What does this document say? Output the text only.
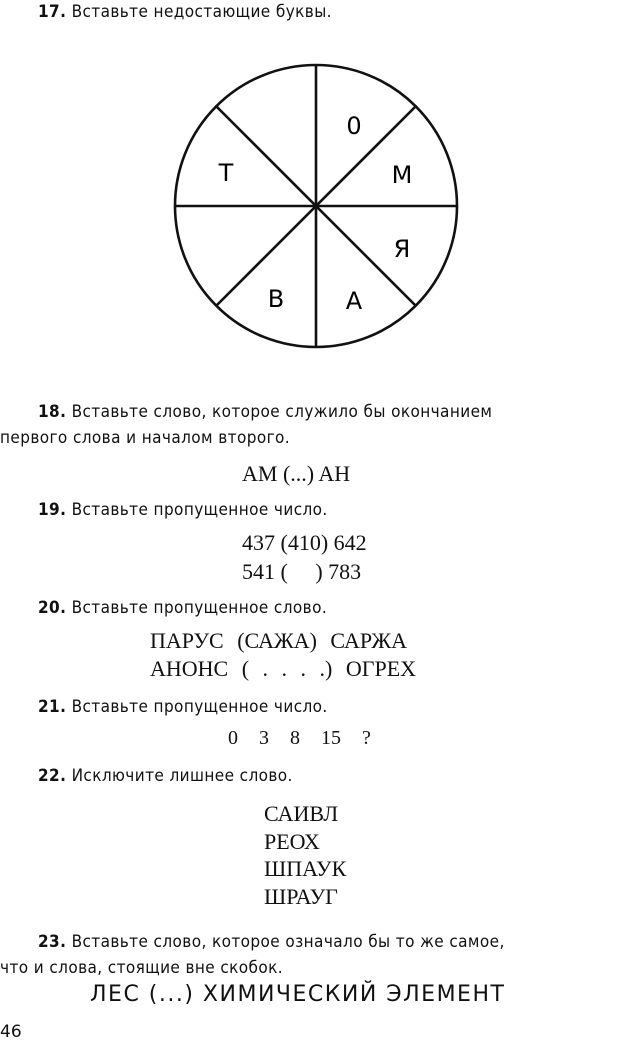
17. Вставьте недостающие буквы.
0
М
Я
А
В
Т
18. Вставьте слово, которое служило бы окончанием
первого слова и началом второго.
AM (...) AH
19. Вставьте пропущенное число.
437 (410) 642
541 (     ) 783
20. Вставьте пропущенное слово.
ПАРУС (САЖА) САРЖА
АНОНС ( . . . .) ОГРЕХ
21. Вставьте пропущенное число.
0 3 8 15 ?
22. Исключите лишнее слово.
САИВЛ
РЕОХ
ШПАУК
ШРАУГ
23. Вставьте слово, которое означало бы то же самое,
что и слова, стоящие вне скобок.
ЛЕС (...) ХИМИЧЕСКИЙ ЭЛЕМЕНТ
46
